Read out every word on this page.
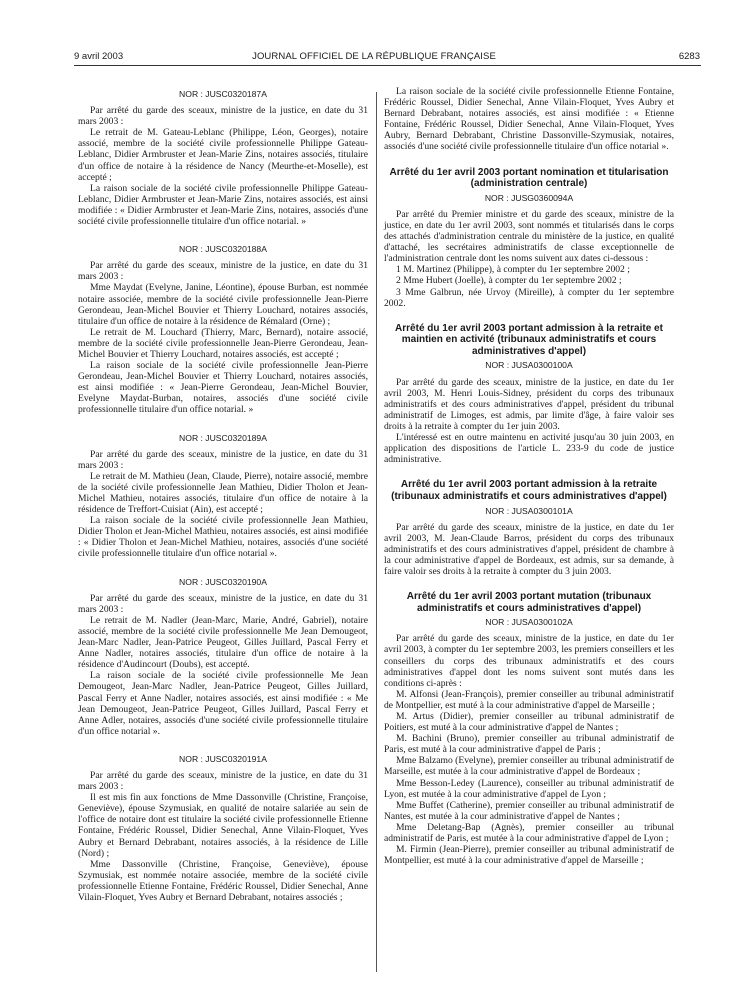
9 avril 2003	JOURNAL OFFICIEL DE LA RÉPUBLIQUE FRANÇAISE	6283
NOR : JUSC0320187A

Par arrêté du garde des sceaux, ministre de la justice, en date du 31 mars 2003 :

Le retrait de M. Gateau-Leblanc (Philippe, Léon, Georges), notaire associé, membre de la société civile professionnelle Philippe Gateau-Leblanc, Didier Armbruster et Jean-Marie Zins, notaires associés, titulaire d'un office de notaire à la résidence de Nancy (Meurthe-et-Moselle), est accepté ;

La raison sociale de la société civile professionnelle Philippe Gateau-Leblanc, Didier Armbruster et Jean-Marie Zins, notaires associés, est ainsi modifiée : « Didier Armbruster et Jean-Marie Zins, notaires, associés d'une société civile professionnelle titulaire d'un office notarial. »

NOR : JUSC0320188A

Par arrêté du garde des sceaux, ministre de la justice, en date du 31 mars 2003 :

Mme Maydat (Evelyne, Janine, Léontine), épouse Burban, est nommée notaire associée, membre de la société civile professionnelle Jean-Pierre Gerondeau, Jean-Michel Bouvier et Thierry Louchard, notaires associés, titulaire d'un office de notaire à la résidence de Rémalard (Orne) ;

Le retrait de M. Louchard (Thierry, Marc, Bernard), notaire associé, membre de la société civile professionnelle Jean-Pierre Gerondeau, Jean-Michel Bouvier et Thierry Louchard, notaires associés, est accepté ;

La raison sociale de la société civile professionnelle Jean-Pierre Gerondeau, Jean-Michel Bouvier et Thierry Louchard, notaires associés, est ainsi modifiée : « Jean-Pierre Gerondeau, Jean-Michel Bouvier, Evelyne Maydat-Burban, notaires, associés d'une société civile professionnelle titulaire d'un office notarial. »

NOR : JUSC0320189A

Par arrêté du garde des sceaux, ministre de la justice, en date du 31 mars 2003 :

Le retrait de M. Mathieu (Jean, Claude, Pierre), notaire associé, membre de la société civile professionnelle Jean Mathieu, Didier Tholon et Jean-Michel Mathieu, notaires associés, titulaire d'un office de notaire à la résidence de Treffort-Cuisiat (Ain), est accepté ;

La raison sociale de la société civile professionnelle Jean Mathieu, Didier Tholon et Jean-Michel Mathieu, notaires associés, est ainsi modifiée : « Didier Tholon et Jean-Michel Mathieu, notaires, associés d'une société civile professionnelle titulaire d'un office notarial ».

NOR : JUSC0320190A

Par arrêté du garde des sceaux, ministre de la justice, en date du 31 mars 2003 :

Le retrait de M. Nadler (Jean-Marc, Marie, André, Gabriel), notaire associé, membre de la société civile professionnelle Me Jean Demougeot, Jean-Marc Nadler, Jean-Patrice Peugeot, Gilles Juillard, Pascal Ferry et Anne Nadler, notaires associés, titulaire d'un office de notaire à la résidence d'Audincourt (Doubs), est accepté.

La raison sociale de la société civile professionnelle Me Jean Demougeot, Jean-Marc Nadler, Jean-Patrice Peugeot, Gilles Juillard, Pascal Ferry et Anne Nadler, notaires associés, est ainsi modifiée : « Me Jean Demougeot, Jean-Patrice Peugeot, Gilles Juillard, Pascal Ferry et Anne Adler, notaires, associés d'une société civile professionnelle titulaire d'un office notarial ».

NOR : JUSC0320191A

Par arrêté du garde des sceaux, ministre de la justice, en date du 31 mars 2003 :

Il est mis fin aux fonctions de Mme Dassonville (Christine, Françoise, Geneviève), épouse Szymusiak, en qualité de notaire salariée au sein de l'office de notaire dont est titulaire la société civile professionnelle Etienne Fontaine, Frédéric Roussel, Didier Senechal, Anne Vilain-Floquet, Yves Aubry et Bernard Debrabant, notaires associés, à la résidence de Lille (Nord) ;

Mme Dassonville (Christine, Françoise, Geneviève), épouse Szymusiak, est nommée notaire associée, membre de la société civile professionnelle Etienne Fontaine, Frédéric Roussel, Didier Senechal, Anne Vilain-Floquet, Yves Aubry et Bernard Debrabant, notaires associés ;

La raison sociale de la société civile professionnelle Etienne Fontaine, Frédéric Roussel, Didier Senechal, Anne Vilain-Floquet, Yves Aubry et Bernard Debrabant, notaires associés, est ainsi modifiée : « Etienne Fontaine, Frédéric Roussel, Didier Senechal, Anne Vilain-Floquet, Yves Aubry, Bernard Debrabant, Christine Dassonville-Szymusiak, notaires, associés d'une société civile professionnelle titulaire d'un office notarial ».

Arrêté du 1er avril 2003 portant nomination et titularisation (administration centrale)
NOR : JUSG0360094A

Par arrêté du Premier ministre et du garde des sceaux, ministre de la justice, en date du 1er avril 2003, sont nommés et titularisés dans le corps des attachés d'administration centrale du ministère de la justice, en qualité d'attaché, les secrétaires administratifs de classe exceptionnelle de l'administration centrale dont les noms suivent aux dates ci-dessous :

1 M. Martinez (Philippe), à compter du 1er septembre 2002 ;

2 Mme Hubert (Joelle), à compter du 1er septembre 2002 ;

3 Mme Galbrun, née Urvoy (Mireille), à compter du 1er septembre 2002.

Arrêté du 1er avril 2003 portant admission à la retraite et maintien en activité (tribunaux administratifs et cours administratives d'appel)
NOR : JUSA0300100A

Par arrêté du garde des sceaux, ministre de la justice, en date du 1er avril 2003, M. Henri Louis-Sidney, président du corps des tribunaux administratifs et des cours administratives d'appel, président du tribunal administratif de Limoges, est admis, par limite d'âge, à faire valoir ses droits à la retraite à compter du 1er juin 2003.

L'intéressé est en outre maintenu en activité jusqu'au 30 juin 2003, en application des dispositions de l'article L. 233-9 du code de justice administrative.

Arrêté du 1er avril 2003 portant admission à la retraite (tribunaux administratifs et cours administratives d'appel)
NOR : JUSA0300101A

Par arrêté du garde des sceaux, ministre de la justice, en date du 1er avril 2003, M. Jean-Claude Barros, président du corps des tribunaux administratifs et des cours administratives d'appel, président de chambre à la cour administrative d'appel de Bordeaux, est admis, sur sa demande, à faire valoir ses droits à la retraite à compter du 3 juin 2003.

Arrêté du 1er avril 2003 portant mutation (tribunaux administratifs et cours administratives d'appel)
NOR : JUSA0300102A

Par arrêté du garde des sceaux, ministre de la justice, en date du 1er avril 2003, à compter du 1er septembre 2003, les premiers conseillers et les conseillers du corps des tribunaux administratifs et des cours administratives d'appel dont les noms suivent sont mutés dans les conditions ci-après :

M. Alfonsi (Jean-François), premier conseiller au tribunal administratif de Montpellier, est muté à la cour administrative d'appel de Marseille ;

M. Artus (Didier), premier conseiller au tribunal administratif de Poitiers, est muté à la cour administrative d'appel de Nantes ;

M. Bachini (Bruno), premier conseiller au tribunal administratif de Paris, est muté à la cour administrative d'appel de Paris ;

Mme Balzamo (Evelyne), premier conseiller au tribunal administratif de Marseille, est mutée à la cour administrative d'appel de Bordeaux ;

Mme Besson-Ledey (Laurence), conseiller au tribunal administratif de Lyon, est mutée à la cour administrative d'appel de Lyon ;

Mme Buffet (Catherine), premier conseiller au tribunal administratif de Nantes, est mutée à la cour administrative d'appel de Nantes ;

Mme Deletang-Bap (Agnès), premier conseiller au tribunal administratif de Paris, est mutée à la cour administrative d'appel de Lyon ;

M. Firmin (Jean-Pierre), premier conseiller au tribunal administratif de Montpellier, est muté à la cour administrative d'appel de Marseille ;
